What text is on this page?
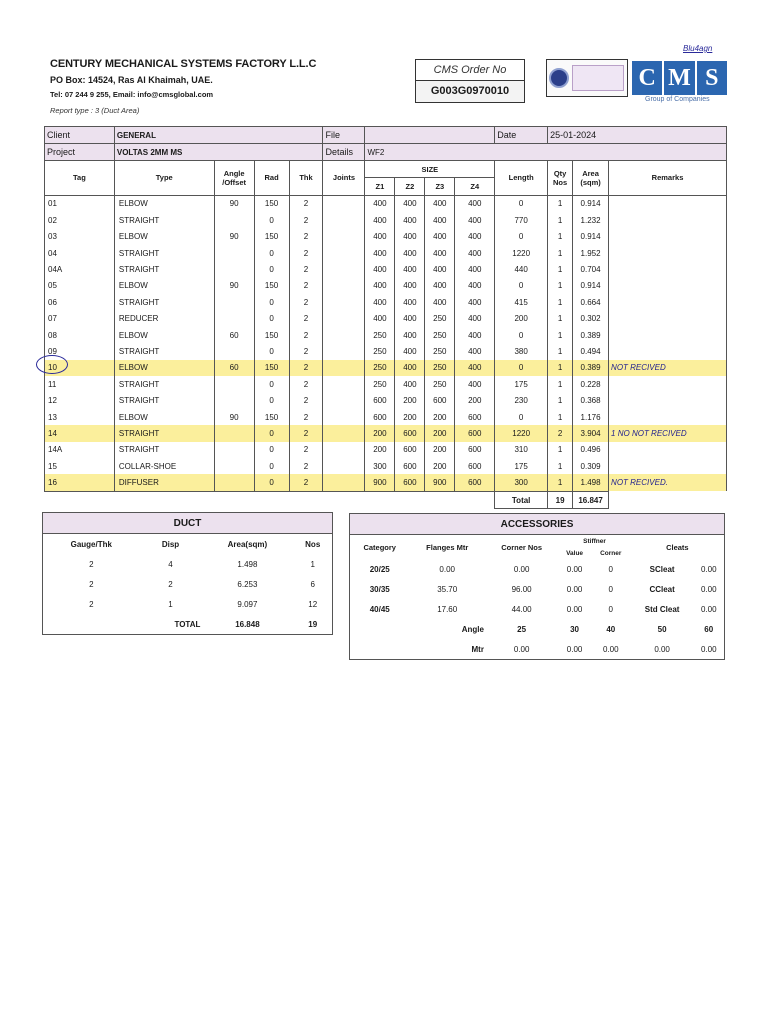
Blu4agn
CENTURY MECHANICAL SYSTEMS FACTORY L.L.C
PO Box: 14524, Ras Al Khaimah, UAE.
Tel: 07 244 9 255, Email: info@cmsglobal.com
Report type : 3 (Duct Area)
CMS Order No
G003G0970010	C M S
Group of Companies
Client	GENERAL				File					Date	25-01-2024		
Project	VOLTAS 2MM MS				Details	WF2							
Tag	Type	Angle /Offset	Rad	Thk	Joints	SIZE				Length	Qty Nos	Area (sqm)	Remarks
						Z1	Z2	Z3	Z4				
01	ELBOW	90	150	2		400	400	400	400	0	1	0.914	
02	STRAIGHT		0	2		400	400	400	400	770	1	1.232	
03	ELBOW	90	150	2		400	400	400	400	0	1	0.914	
04	STRAIGHT		0	2		400	400	400	400	1220	1	1.952	
04A	STRAIGHT		0	2		400	400	400	400	440	1	0.704	
05	ELBOW	90	150	2		400	400	400	400	0	1	0.914	
06	STRAIGHT		0	2		400	400	400	400	415	1	0.664	
07	REDUCER		0	2		400	400	250	400	200	1	0.302	
08	ELBOW	60	150	2		250	400	250	400	0	1	0.389	
09	STRAIGHT		0	2		250	400	250	400	380	1	0.494	
10	ELBOW	60	150	2		250	400	250	400	0	1	0.389	NOT RECIVED
11	STRAIGHT		0	2		250	400	250	400	175	1	0.228	
12	STRAIGHT		0	2		600	200	600	200	230	1	0.368	
13	ELBOW	90	150	2		600	200	200	600	0	1	1.176	
14	STRAIGHT		0	2		200	600	200	600	1220	2	3.904	1 NO NOT RECIVED
14A	STRAIGHT		0	2		200	600	200	600	310	1	0.496	
15	COLLAR-SHOE		0	2		300	600	200	600	175	1	0.309	
16	DIFFUSER		0	2		900	600	900	600	300	1	1.498	NOT RECIVED.
										Total	19	16.847	
DUCT			
Gauge/Thk	Disp	Area(sqm)	Nos
2	4	1.498	1
2	2	6.253	6
2	1	9.097	12
	TOTAL	16.848	19
ACCESSORIES						
Category	Flanges Mtr	Corner Nos	Stiffner		Cleats	
			Value	Corner		
20/25	0.00	0.00	0.00	0	SCleat	0.00
30/35	35.70	96.00	0.00	0	CCleat	0.00
40/45	17.60	44.00	0.00	0	Std Cleat	0.00
Angle		25	30	40	50	60
Mtr		0.00	0.00	0.00	0.00	0.00
